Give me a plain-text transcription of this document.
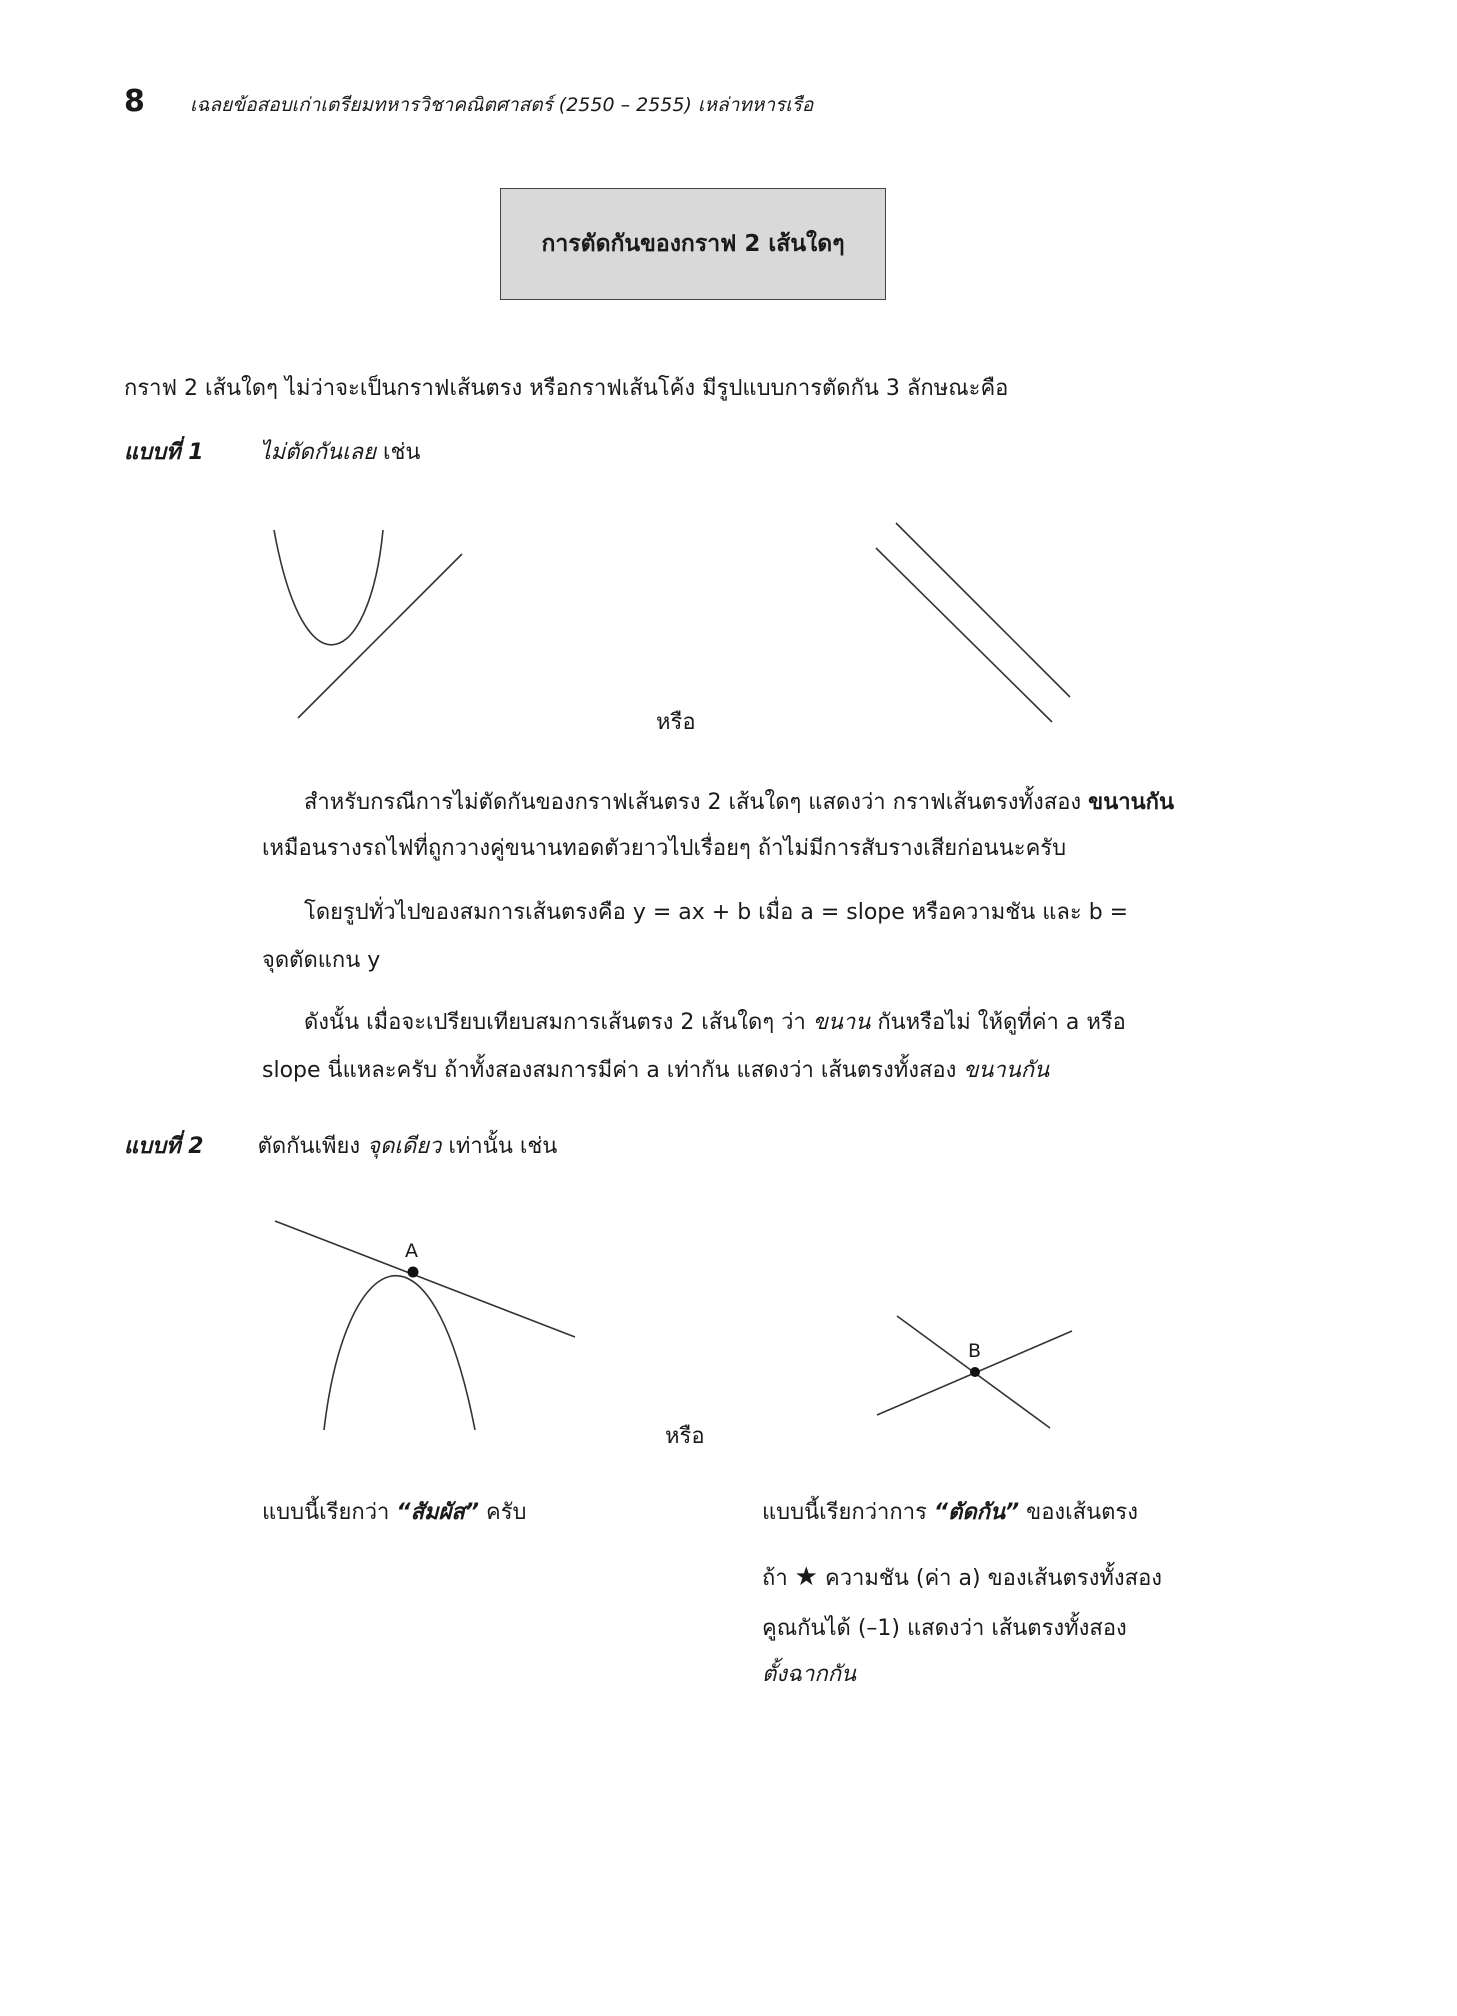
8 เฉลยข้อสอบเก่าเตรียมทหารวิชาคณิตศาสตร์ (2550 – 2555) เหล่าทหารเรือ
การตัดกันของกราฟ 2 เส้นใดๆ
กราฟ 2 เส้นใดๆ ไม่ว่าจะเป็นกราฟเส้นตรง หรือกราฟเส้นโค้ง มีรูปแบบการตัดกัน 3 ลักษณะคือ
แบบที่ 1	ไม่ตัดกันเลย เช่น
หรือ
สำหรับกรณีการไม่ตัดกันของกราฟเส้นตรง 2 เส้นใดๆ แสดงว่า กราฟเส้นตรงทั้งสอง ขนานกัน
เหมือนรางรถไฟที่ถูกวางคู่ขนานทอดตัวยาวไปเรื่อยๆ ถ้าไม่มีการสับรางเสียก่อนนะครับ
โดยรูปทั่วไปของสมการเส้นตรงคือ y = ax + b เมื่อ a = slope หรือความชัน และ b =
จุดตัดแกน y
ดังนั้น เมื่อจะเปรียบเทียบสมการเส้นตรง 2 เส้นใดๆ ว่า ขนาน กันหรือไม่ ให้ดูที่ค่า a หรือ
slope นี่แหละครับ ถ้าทั้งสองสมการมีค่า a เท่ากัน แสดงว่า เส้นตรงทั้งสอง ขนานกัน
แบบที่ 2 ตัดกันเพียง จุดเดียว เท่านั้น เช่น
A
B
หรือ
แบบนี้เรียกว่า “สัมผัส” ครับ	แบบนี้เรียกว่าการ “ตัดกัน” ของเส้นตรง
ถ้า ★ ความชัน (ค่า a) ของเส้นตรงทั้งสอง
คูณกันได้ (–1) แสดงว่า เส้นตรงทั้งสอง
ตั้งฉากกัน
